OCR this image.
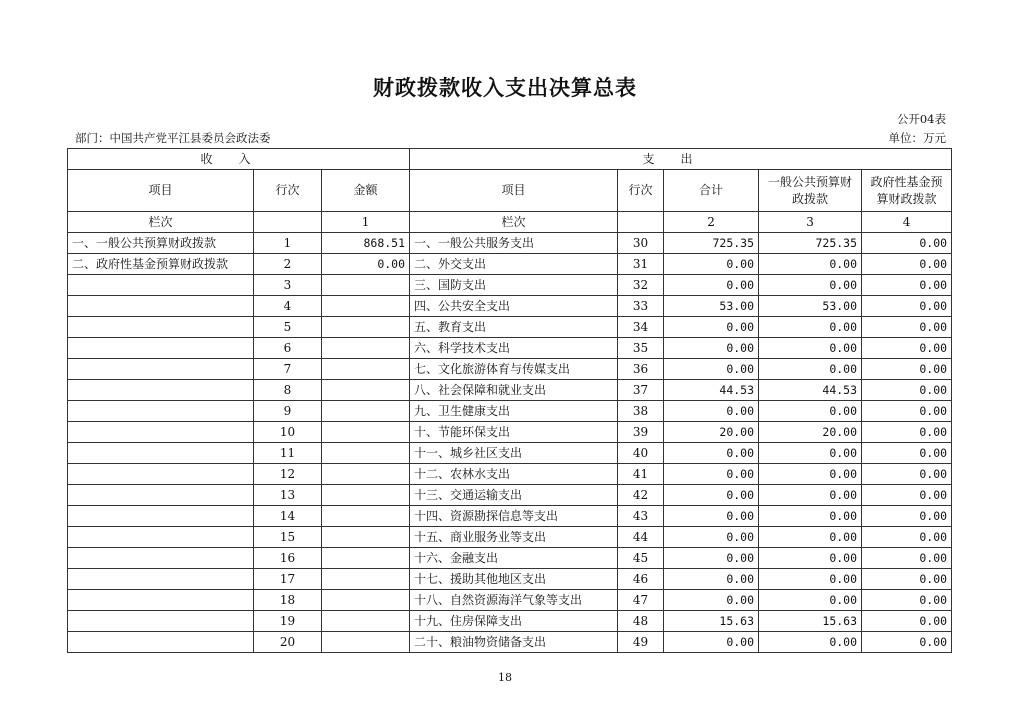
财政拨款收入支出决算总表
公开04表
部门：中国共产党平江县委员会政法委	单位：万元
收入			支出				
项目	行次	金额	项目	行次	合计	一般公共预算财政拨款	政府性基金预算财政拨款
栏次		1	栏次		2	3	4
一、一般公共预算财政拨款	1	868.51	一、一般公共服务支出	30	725.35	725.35	0.00
二、政府性基金预算财政拨款	2	0.00	二、外交支出	31	0.00	0.00	0.00
	3		三、国防支出	32	0.00	0.00	0.00
	4		四、公共安全支出	33	53.00	53.00	0.00
	5		五、教育支出	34	0.00	0.00	0.00
	6		六、科学技术支出	35	0.00	0.00	0.00
	7		七、文化旅游体育与传媒支出	36	0.00	0.00	0.00
	8		八、社会保障和就业支出	37	44.53	44.53	0.00
	9		九、卫生健康支出	38	0.00	0.00	0.00
	10		十、节能环保支出	39	20.00	20.00	0.00
	11		十一、城乡社区支出	40	0.00	0.00	0.00
	12		十二、农林水支出	41	0.00	0.00	0.00
	13		十三、交通运输支出	42	0.00	0.00	0.00
	14		十四、资源勘探信息等支出	43	0.00	0.00	0.00
	15		十五、商业服务业等支出	44	0.00	0.00	0.00
	16		十六、金融支出	45	0.00	0.00	0.00
	17		十七、援助其他地区支出	46	0.00	0.00	0.00
	18		十八、自然资源海洋气象等支出	47	0.00	0.00	0.00
	19		十九、住房保障支出	48	15.63	15.63	0.00
	20		二十、粮油物资储备支出	49	0.00	0.00	0.00
18
